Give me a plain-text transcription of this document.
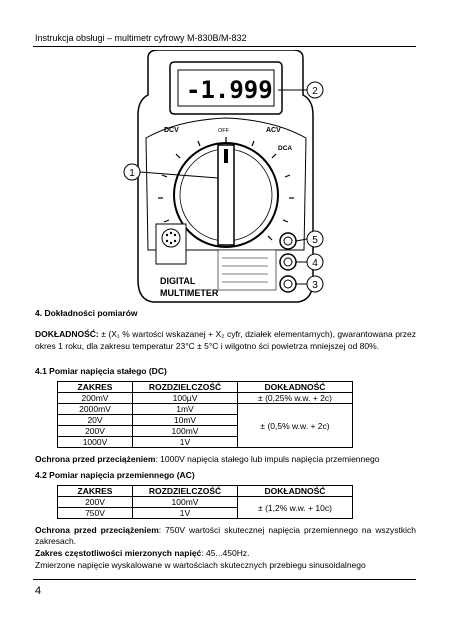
Instrukcja obsługi – multimetr cyfrowy M-830B/M-832
-1.999
DCV	ACV
DCA
OFF
DIGITAL
MULTIMETER
1
2
3
4
5
4. Dokładności pomiarów
DOKŁADNOŚĆ: ± (X₁ % wartości wskazanej + X₂ cyfr, działek elementarnych), gwarantowana przez okres 1 roku, dla zakresu temperatur 23°C ± 5°C i wilgotno ści powietrza mniejszej od 80%.
4.1 Pomiar napięcia stałego (DC)
ZAKRES	ROZDZIELCZOŚĆ	DOKŁADNOŚĆ
200mV	100µV	± (0,25% w.w. + 2c)
2000mV	1mV	± (0,5% w.w. + 2c)
20V	10mV	
200V	100mV	
1000V	1V	
Ochrona przed przeciążeniem: 1000V napięcia stałego lub impuls napięcia przemiennego
4.2 Pomiar napięcia przemiennego (AC)
ZAKRES	ROZDZIELCZOŚĆ	DOKŁADNOŚĆ
200V	100mV	± (1,2% w.w. + 10c)
750V	1V	
Ochrona przed przeciążeniem: 750V wartości skutecznej napięcia przemiennego na wszystkich zakresach.
Zakres częstotliwości mierzonych napięć: 45...450Hz.
Zmierzone napięcie wyskalowane w wartościach skutecznych przebiegu sinusoidalnego
4
